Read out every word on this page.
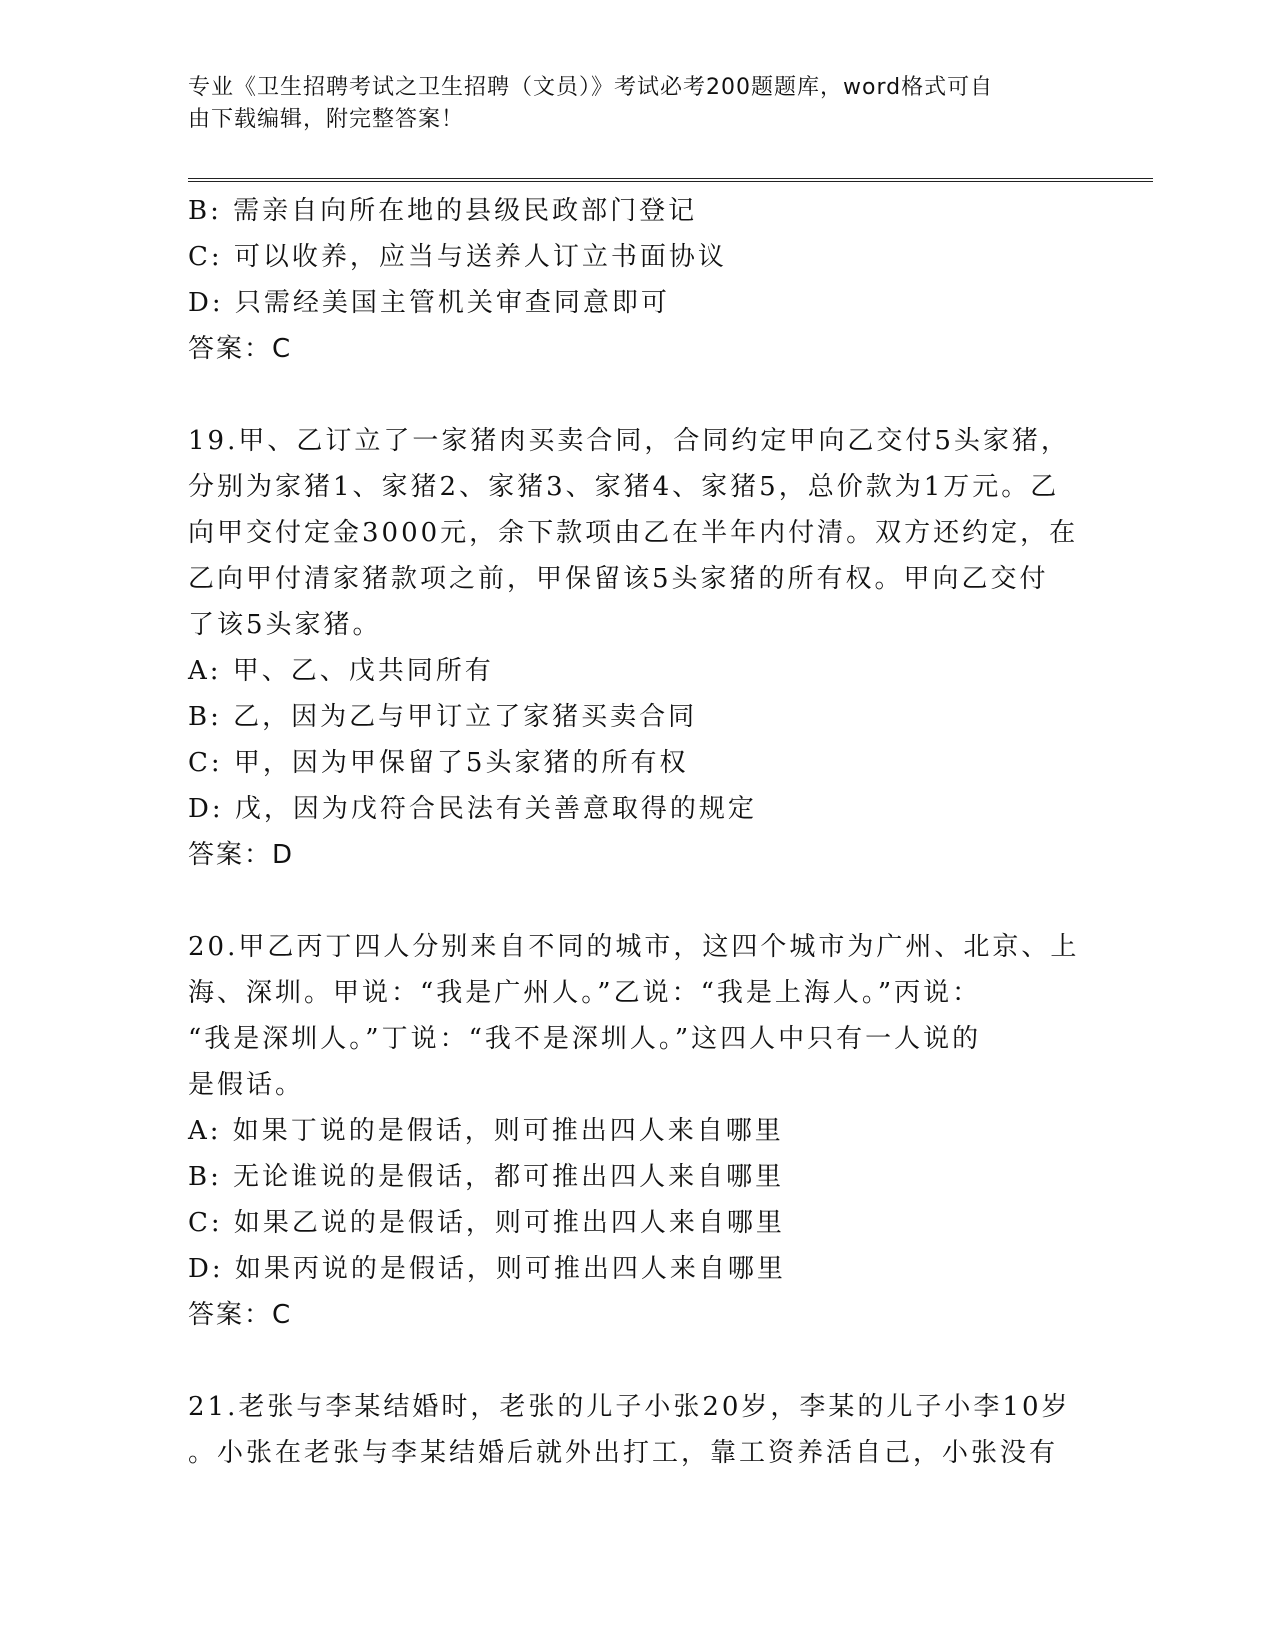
专业《卫生招聘考试之卫生招聘（文员）》考试必考200题题库，word格式可自
由下载编辑，附完整答案！
B: 需亲自向所在地的县级民政部门登记
C: 可以收养，应当与送养人订立书面协议
D: 只需经美国主管机关审查同意即可
答案：C
19.甲、乙订立了一家猪肉买卖合同，合同约定甲向乙交付5头家猪，
分别为家猪1、家猪2、家猪3、家猪4、家猪5，总价款为1万元。乙
向甲交付定金3000元，余下款项由乙在半年内付清。双方还约定，在
乙向甲付清家猪款项之前，甲保留该5头家猪的所有权。甲向乙交付
了该5头家猪。
A: 甲、乙、戊共同所有
B: 乙，因为乙与甲订立了家猪买卖合同
C: 甲，因为甲保留了5头家猪的所有权
D: 戊，因为戊符合民法有关善意取得的规定
答案：D
20.甲乙丙丁四人分别来自不同的城市，这四个城市为广州、北京、上
海、深圳。甲说：“我是广州人。”乙说：“我是上海人。”丙说：
“我是深圳人。”丁说：“我不是深圳人。”这四人中只有一人说的
是假话。
A: 如果丁说的是假话，则可推出四人来自哪里
B: 无论谁说的是假话，都可推出四人来自哪里
C: 如果乙说的是假话，则可推出四人来自哪里
D: 如果丙说的是假话，则可推出四人来自哪里
答案：C
21.老张与李某结婚时，老张的儿子小张20岁，李某的儿子小李10岁
。小张在老张与李某结婚后就外出打工，靠工资养活自己，小张没有
